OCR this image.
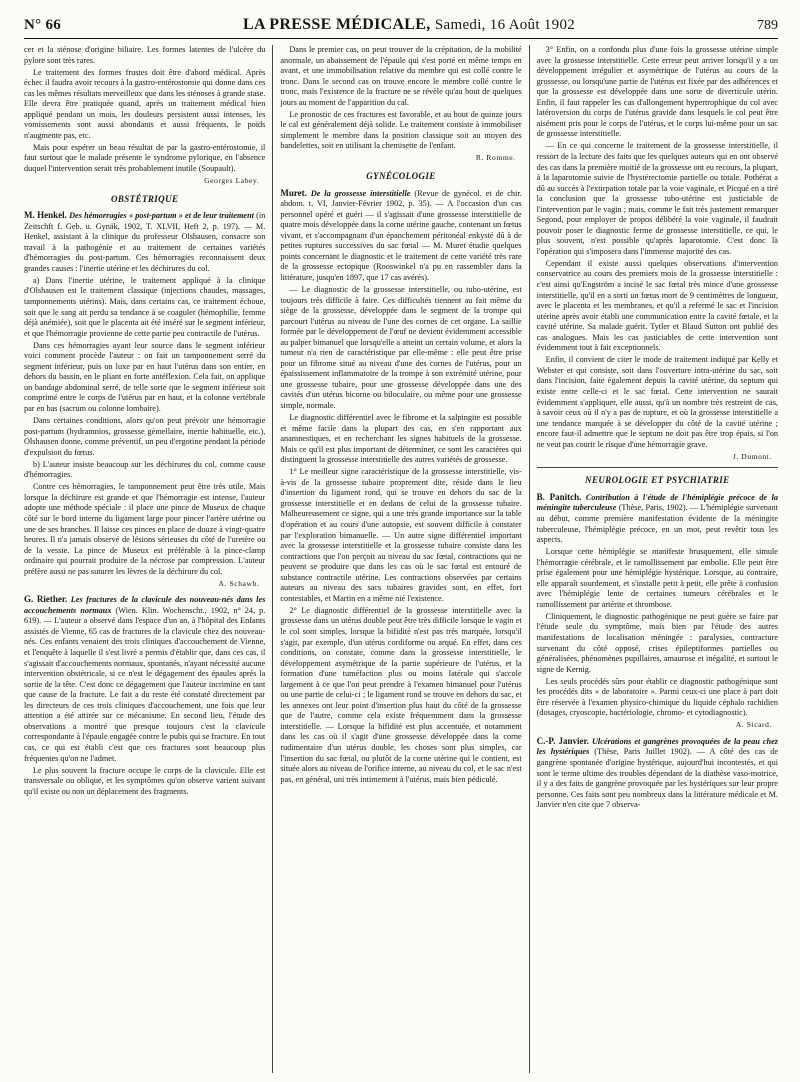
N° 66	LA PRESSE MÉDICALE, Samedi, 16 Août 1902	789

cer et la sténose d'origine biliaire. Les formes latentes de l'ulcère du pylore sont très rares.

Le traitement des formes frustes doit être d'abord médical. Après échec il faudra avoir recours à la gastro-entérostomie qui donne dans ces cas les mêmes résultats merveilleux que dans les sténoses à grande stase. Elle devra être pratiquée quand, après un traitement médical bien appliqué pendant un mois, les douleurs persistent aussi intenses, les vomissements sont aussi abondants et aussi fréquents, le poids n'augmente pas, etc.

Mais pour espérer un beau résultat de par la gastro-entérostomie, il faut surtout que le malade présente le syndrome pylorique, en l'absence duquel l'intervention serait très probablement inutile (Soupault).

Georges Labey.
OBSTÉTRIQUE

M. Henkel. Des hémorragies « post-partum » et de leur traitement (in Zeitschft f. Geb. u. Gynäk, 1902, T. XLVII, Heft 2, p. 197). — M. Henkel, assistant à la clinique du professeur Olshausen, consacre son travail à la pathogénie et au traitement de certaines variétés d'hémorragies du post-partum. Ces hémorragies reconnaissent deux grandes causes : l'inertie utérine et les déchirures du col.

a) Dans l'inertie utérine, le traitement appliqué à la clinique d'Olshausen est le traitement classique (injections chaudes, massages, tamponnements utérins). Mais, dans certains cas, ce traitement échoue, soit que le sang ait perdu sa tendance à se coaguler (hémophilie, femme déjà anémiée), soit que le placenta ait été inséré sur le segment inférieur, et que l'hémorragie provienne de cette partie peu contractile de l'utérus.

Dans ces hémorragies ayant leur source dans le segment inférieur voici comment procède l'auteur : on fait un tamponnement serré du segment inférieur, puis on luxe par en haut l'utérus dans son entier, en dehors du bassin, en le pliant en forte antéflexion. Cela fait, on applique un bandage abdominal serré, de telle sorte que le segment inférieur soit comprimé entre le corps de l'utérus par en haut, et la colonne vertébrale par en bas (sacrum ou colonne lombaire).

Dans certaines conditions, alors qu'on peut prévoir une hémorragie post-partum (hydramnios, grossesse gémellaire, inertie habituelle, etc.), Olshausen donne, comme préventif, un peu d'ergotine pendant la période d'expulsion du fœtus.

b) L'auteur insiste beaucoup sur les déchirures du col, comme cause d'hémorragies.

Contre ces hémorragies, le tamponnement peut être très utile. Mais lorsque la déchirure est grande et que l'hémorragie est intense, l'auteur adopte une méthode spéciale : il place une pince de Museux de chaque côté sur le bord interne du ligament large pour pincer l'artère utérine ou une de ses branches. Il laisse ces pinces en place de douze à vingt-quatre heures. Il n'a jamais observé de lésions sérieuses du côté de l'uretère ou de la vessie. La pince de Museux est préférable à la pince-clamp ordinaire qui pourrait produire de la nécrose par compression. L'auteur préfère aussi ne pas suturer les lèvres de la déchirure du col.

A. Schawb.

G. Riether. Les fractures de la clavicule des nouveau-nés dans les accouchements normaux (Wien. Klin. Wochenschr., 1902, n° 24, p. 619). — L'auteur a observé dans l'espace d'un an, à l'hôpital des Enfants assistés de Vienne, 65 cas de fractures de la clavicule chez des nouveau-nés. Ces enfants venaient des trois cliniques d'accouchement de Vienne, et l'enquête à laquelle il s'est livré a permis d'établir que, dans ces cas, il s'agissait d'accouchements normaux, spontanés, n'ayant nécessité aucune intervention obstétricale, si ce n'est le dégagement des épaules après la sortie de la tête. C'est donc ce dégagement que l'auteur incrimine en tant que cause de la fracture. Le fait a du reste été constaté directement par les directeurs de ces trois cliniques d'accouchement, une fois que leur attention a été attirée sur ce mécanisme. En second lieu, l'étude des observations a montré que presque toujours c'est la clavicule correspondante à l'épaule engagée contre le pubis qui se fracture. En tout cas, ce qui est établi c'est que ces fractures sont beaucoup plus fréquentes qu'on ne l'admet.

Le plus souvent la fracture occupe le corps de la clavicule. Elle est transversale ou oblique, et les symptômes qu'on observe varient suivant qu'il existe ou non un déplacement des fragments.

Dans le premier cas, on peut trouver de la crépitation, de la mobilité anormale, un abaissement de l'épaule qui s'est porté en même temps en avant, et une immobilisation relative du membre qui est collé contre le tronc. Dans le second cas on trouve encore le membre collé contre le tronc, mais l'existence de la fracture ne se révèle qu'au bout de quelques jours au moment de l'apparition du cal.

Le pronostic de ces fractures est favorable, et au bout de quinze jours le cal est généralement déjà solide. Le traitement consiste à immobiliser simplement le membre dans la position classique soit au moyen des bandelettes, soit en utilisant la chemisette de l'enfant.

R. Romme.
GYNÉCOLOGIE

Muret. De la grossesse interstitielle (Revue de gynécol. et de chir. abdom. t. VI, Janvier-Février 1902, p. 35). — A l'occasion d'un cas personnel opéré et guéri — il s'agissait d'une grossesse interstitielle de quatre mois développée dans la corne utérine gauche, contenant un fœtus vivant, et s'accompagnant d'un épanchement péritonéal enkysté dû à de petites ruptures successives du sac fœtal — M. Muret étudie quelques points concernant le diagnostic et le traitement de cette variété très rare de la grossesse ectopique (Rooswinkel n'a pu en rassembler dans la littérature, jusqu'en 1897, que 17 cas avérés).

— Le diagnostic de la grossesse interstitielle, ou tubo-utérine, est toujours très difficile à faire. Ces difficultés tiennent au fait même du siège de la grossesse, développée dans le segment de la trompe qui parcourt l'utérus au niveau de l'une des cornes de cet organe. La saillie formée par le développement de l'œuf ne devient évidemment accessible au palper bimanuel que lorsqu'elle a atteint un certain volume, et alors la tumeur n'a rien de caractéristique par elle-même : elle peut être prise pour un fibrome situé au niveau d'une des cornes de l'utérus, pour un épaississement inflammatoire de la trompe à son extrémité utérine, pour une grossesse tubaire, pour une grossesse développée dans une des cavités d'un utérus bicorne ou biloculaire, ou même pour une grossesse simple, normale.

Le diagnostic différentiel avec le fibrome et la salpingite est possible et même facile dans la plupart des cas, en s'en rapportant aux anamnestiques, et en recherchant les signes habituels de la grossesse. Mais ce qu'il est plus important de déterminer, ce sont les caractères qui distinguent la grossesse interstitielle des autres variétés de grossesse.

1° Le meilleur signe caractéristique de la grossesse interstitielle, vis-à-vis de la grossesse tubaire proprement dite, réside dans le lieu d'insertion du ligament rond, qui se trouve en dehors du sac de la grossesse interstitielle et en dedans de celui de la grossesse tubaire. Malheureusement ce signe, qui a une très grande importance sur la table d'opération et au cours d'une autopsie, est souvent difficile à constater par l'exploration bimanuelle. — Un autre signe différentiel important avec la grossesse interstitielle et la grossesse tubaire consiste dans les contractions que l'on perçoit au niveau du sac fœtal, contractions qui ne peuvent se produire que dans les cas où le sac fœtal est entouré de substance contractile utérine. Les contractions observées par certains auteurs au niveau des sacs tubaires gravides sont, en effet, fort contestables, et Martin en a même nié l'existence.

2° Le diagnostic différentiel de la grossesse interstitielle avec la grossesse dans un utérus double peut être très difficile lorsque le vagin et le col sont simples, lorsque la bifidité n'est pas très marquée, lorsqu'il s'agit, par exemple, d'un utérus cordiforme ou arqué. En effet, dans ces conditions, on constate, comme dans la grossesse interstitielle, le développement asymétrique de la partie supérieure de l'utérus, et la formation d'une tuméfaction plus ou moins latérale qui s'accole largement à ce que l'on peut prendre à l'examen bimanuel pour l'utérus ou une partie de celui-ci ; le ligament rond se trouve en dehors du sac, et les annexes ont leur point d'insertion plus haut du côté de la grossesse que de l'autre, comme cela existe fréquemment dans la grossesse interstitielle. — Lorsque la bifidité est plus accentuée, et notamment dans les cas où il s'agit d'une grossesse développée dans la corne rudimentaire d'un utérus double, les choses sont plus simples, car l'insertion du sac fœtal, ou plutôt de la corne utérine qui le contient, est située alors au niveau de l'orifice interne, au niveau du col, et le sac n'est pas, en général, uni très intimement à l'utérus, mais bien pédiculé.

3° Enfin, on a confondu plus d'une fois la grossesse utérine simple avec la grossesse interstitielle. Cette erreur peut arriver lorsqu'il y a un développement irrégulier et asymétrique de l'utérus au cours de la grossesse, ou lorsqu'une partie de l'utérus est fixée par des adhérences et que la grossesse est développée dans une sorte de diverticule utérin. Enfin, il faut rappeler les cas d'allongement hypertrophique du col avec latéroversion du corps de l'utérus gravide dans lesquels le col peut être aisément pris pour le corps de l'utérus, et le corps lui-même pour un sac de grossesse interstitielle.

— En ce qui concerne le traitement de la grossesse interstitielle, il ressort de la lecture des faits que les quelques auteurs qui en ont observé des cas dans la première moitié de la grossesse ont eu recours, la plupart, à la laparotomie suivie de l'hystérectomie partielle ou totale. Pothérat a dû au succès à l'extirpation totale par la voie vaginale, et Picqué en a tiré la conclusion que la grossesse tubo-utérine est justiciable de l'intervention par le vagin ; mais, comme le fait très justement remarquer Segond, pour employer de propos délibéré la voie vaginale, il faudrait pouvoir poser le diagnostic ferme de grossesse interstitielle, ce qui, le plus souvent, n'est possible qu'après laparotomie. C'est donc là l'opération qui s'imposera dans l'immense majorité des cas.

Cependant il existe aussi quelques observations d'intervention conservatrice au cours des premiers mois de la grossesse interstitielle : c'est ainsi qu'Engström a incisé le sac fœtal très mince d'une grossesse interstitielle, qu'il en a sorti un fœtus mort de 9 centimètres de longueur, avec le placenta et les membranes, et qu'il a refermé le sac et l'incision utérine après avoir établi une communication entre la cavité fœtale, et la cavité utérine. Sa malade guérit. Tytler et Blaud Sutton ont publié des cas analogues. Mais les cas justiciables de cette intervention sont évidemment tout à fait exceptionnels.

Enfin, il convient de citer le mode de traitement indiqué par Kelly et Webster et qui consiste, soit dans l'ouverture intra-utérine du sac, soit dans l'incision, faite également depuis la cavité utérine, du septum qui existe entre celle-ci et le sac fœtal. Cette intervention ne saurait évidemment s'appliquer, elle aussi, qu'à un nombre très restreint de cas, à savoir ceux où il n'y a pas de rupture, et où la grossesse interstitielle a une tendance marquée à se développer du côté de la cavité utérine ; encore faut-il admettre que le septum ne doit pas être trop épais, si l'on ne veut pas courir le risque d'une hémorragie grave.

J. Dumont.
NEUROLOGIE ET PSYCHIATRIE

B. Panitch. Contribution à l'étude de l'hémiplégie précoce de la méningite tuberculeuse (Thèse, Paris, 1902). — L'hémiplégie survenant au début, comme première manifestation évidente de la méningite tuberculeuse, l'hémiplégie précoce, en un mot, peut revêtir tous les aspects.

Lorsque cette hémiplégie se manifeste brusquement, elle simule l'hémorragie cérébrale, et le ramollissement par embolie. Elle peut être prise également pour une hémiplégie hystérique. Lorsque, au contraire, elle apparaît sourdement, et s'installe petit à petit, elle prête à confusion avec l'hémiplégie lente de certaines tumeurs cérébrales et le ramollissement par artérite et thrombose.

Cliniquement, le diagnostic pathogénique ne peut guère se faire par l'étude seule du symptôme, mais bien par l'étude des autres manifestations de localisation méningée : paralysies, contracture survenant du côté opposé, crises épileptiformes partielles ou généralisées, phénomènes pupillaires, amaurose et inégalité, et surtout le signe de Kernig.

Les seuls procédés sûrs pour établir ce diagnostic pathogénique sont les procédés dits « de laboratoire ». Parmi ceux-ci une place à part doit être réservée à l'examen physico-chimique du liquide céphalo rachidien (dosages, cryoscopie, bactériologie, chromo- et cytodiagnostic).

A. Sicard.

C.-P. Janvier. Ulcérations et gangrènes provoquées de la peau chez les hystériques (Thèse, Paris Juillet 1902). — A côté des cas de gangrène spontanée d'origine hystérique, aujourd'hui incontestés, et qui sont le terme ultime des troubles dépendant de la diathèse vaso-motrice, il y a des faits de gangrène provoquée par les hystériques sur leur propre personne. Ces faits sont peu nombreux dans la littérature médicale et M. Janvier n'en cite que 7 observa-
